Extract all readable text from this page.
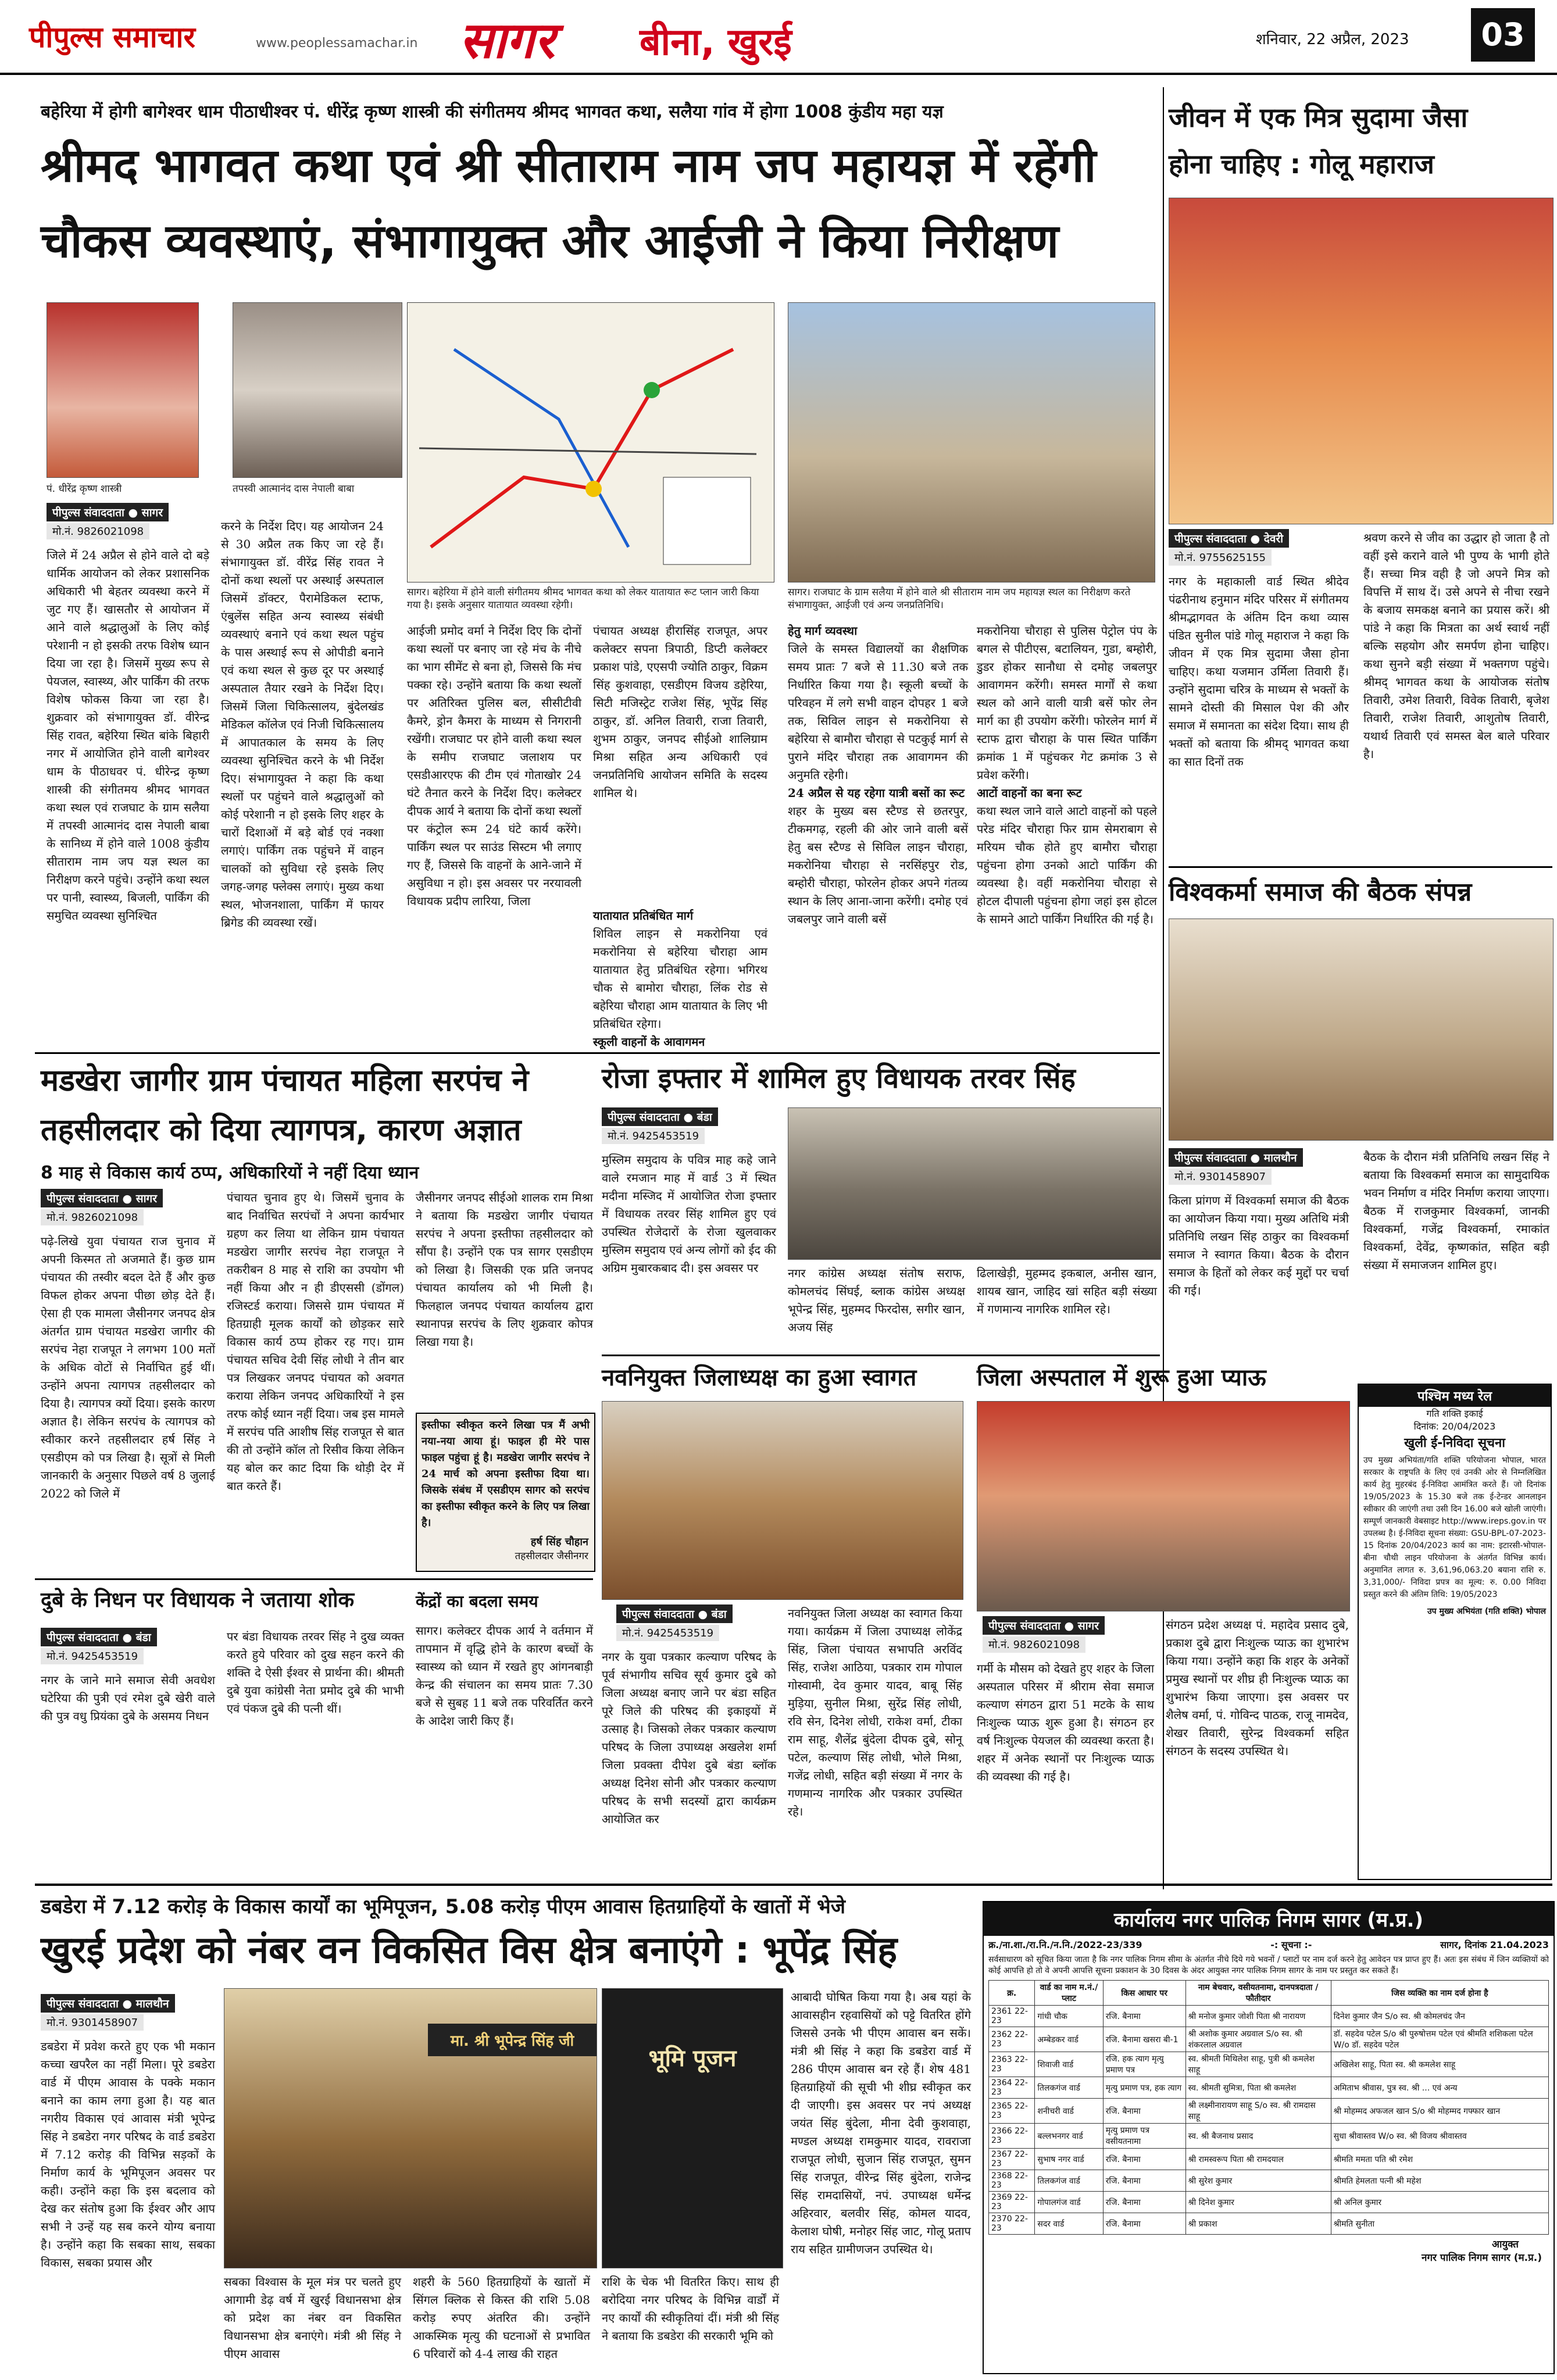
पीपुल्स समाचार	www.peoplessamachar.in सागर बीना, खुरई	शनिवार, 22 अप्रैल, 2023	03
बहेरिया में होगी बागेश्वर धाम पीठाधीश्वर पं. धीरेंद्र कृष्ण शास्त्री की संगीतमय श्रीमद भागवत कथा, सलैया गांव में होगा 1008 कुंडीय महा यज्ञ
श्रीमद भागवत कथा एवं श्री सीताराम नाम जप महायज्ञ में रहेंगी
चौकस व्यवस्थाएं, संभागायुक्त और आईजी ने किया निरीक्षण
पं. धीरेंद्र कृष्ण शास्त्री	तपस्वी आत्मानंद दास नेपाली बाबा
पीपुल्स संवाददाता ● सागर
मो.नं. 9826021098
जिले में 24 अप्रैल से होने वाले दो बड़े धार्मिक आयोजन को लेकर प्रशासनिक अधिकारी भी बेहतर व्यवस्था करने में जुट गए हैं। खासतौर से आयोजन में आने वाले श्रद्धालुओं के लिए कोई परेशानी न हो इसकी तरफ विशेष ध्यान दिया जा रहा है। जिसमें मुख्य रूप से पेयजल, स्वास्थ्य, और पार्किंग की तरफ विशेष फोकस किया जा रहा है। शुक्रवार को संभागायुक्त डॉ. वीरेन्द्र सिंह रावत, बहेरिया स्थित बांके बिहारी नगर में आयोजित होने वाली बागेश्वर धाम के पीठाधवर पं. धीरेन्द्र कृष्ण शास्त्री की संगीतमय श्रीमद भागवत कथा स्थल एवं राजघाट के ग्राम सलैया में तपस्वी आत्मानंद दास नेपाली बाबा के सानिध्य में होने वाले 1008 कुंडीय सीताराम नाम जप यज्ञ स्थल का निरीक्षण करने पहुंचे। उन्होंने कथा स्थल पर पानी, स्वास्थ्य, बिजली, पार्किंग की समुचित व्यवस्था सुनिश्चित
करने के निर्देश दिए। यह आयोजन 24 से 30 अप्रैल तक किए जा रहे हैं। संभागायुक्त डॉ. वीरेंद्र सिंह रावत ने दोनों कथा स्थलों पर अस्थाई अस्पताल जिसमें डॉक्टर, पैरामेडिकल स्टाफ, एंबुलेंस सहित अन्य स्वास्थ्य संबंधी व्यवस्थाएं बनाने एवं कथा स्थल पहुंच के पास अस्थाई रूप से ओपीडी बनाने एवं कथा स्थल से कुछ दूर पर अस्थाई अस्पताल तैयार रखने के निर्देश दिए। जिसमें जिला चिकित्सालय, बुंदेलखंड मेडिकल कॉलेज एवं निजी चिकित्सालय में आपातकाल के समय के लिए व्यवस्था सुनिश्चित करने के भी निर्देश दिए। संभागायुक्त ने कहा कि कथा स्थलों पर पहुंचने वाले श्रद्धालुओं को कोई परेशानी न हो इसके लिए शहर के चारों दिशाओं में बड़े बोर्ड एवं नक्शा लगाएं। पार्किंग तक पहुंचने में वाहन चालकों को सुविधा रहे इसके लिए जगह-जगह फ्लेक्स लगाएं। मुख्य कथा स्थल, भोजनशाला, पार्किंग में फायर ब्रिगेड की व्यवस्था रखें।
सागर। बहेरिया में होने वाली संगीतमय श्रीमद भागवत कथा को लेकर यातायात रूट प्लान जारी किया गया है। इसके अनुसार यातायात व्यवस्था रहेगी।
आईजी प्रमोद वर्मा ने निर्देश दिए कि दोनों कथा स्थलों पर बनाए जा रहे मंच के नीचे का भाग सीमेंट से बना हो, जिससे कि मंच पक्का रहे। उन्होंने बताया कि कथा स्थलों पर अतिरिक्त पुलिस बल, सीसीटीवी कैमरे, ड्रोन कैमरा के माध्यम से निगरानी रखेंगी। राजघाट पर होने वाली कथा स्थल के समीप राजघाट जलाशय पर एसडीआरएफ की टीम एवं गोताखोर 24 घंटे तैनात करने के निर्देश दिए। कलेक्टर दीपक आर्य ने बताया कि दोनों कथा स्थलों पर कंट्रोल रूम 24 घंटे कार्य करेंगे। पार्किंग स्थल पर साउंड सिस्टम भी लगाए गए हैं, जिससे कि वाहनों के आने-जाने में असुविधा न हो। इस अवसर पर नरयावली विधायक प्रदीप लारिया, जिला
पंचायत अध्यक्ष हीरासिंह राजपूत, अपर कलेक्टर सपना त्रिपाठी, डिप्टी कलेक्टर प्रकाश पांडे, एएसपी ज्योति ठाकुर, विक्रम सिंह कुशवाहा, एसडीएम विजय डहेरिया, सिटी मजिस्ट्रेट राजेश सिंह, भूपेंद्र सिंह ठाकुर, डॉ. अनिल तिवारी, राजा तिवारी, शुभम ठाकुर, जनपद सीईओ शालिग्राम मिश्रा सहित अन्य अधिकारी एवं जनप्रतिनिधि आयोजन समिति के सदस्य शामिल थे।
सागर। राजघाट के ग्राम सलैया में होने वाले श्री सीताराम नाम जप महायज्ञ स्थल का निरीक्षण करते संभागायुक्त, आईजी एवं अन्य जनप्रतिनिधि।
हेतु मार्ग व्यवस्था
जिले के समस्त विद्यालयों का शैक्षणिक समय प्रातः 7 बजे से 11.30 बजे तक निर्धारित किया गया है। स्कूली बच्चों के परिवहन में लगे सभी वाहन दोपहर 1 बजे तक, सिविल लाइन से मकरोनिया से बहेरिया से बामौरा चौराहा से पटकुई मार्ग से पुराने मंदिर चौराहा तक आवागमन की अनुमति रहेगी।
24 अप्रैल से यह रहेगा यात्री बसों का रूट
शहर के मुख्य बस स्टैण्ड से छतरपुर, टीकमगढ़, रहली की ओर जाने वाली बसें हेतु बस स्टैण्ड से सिविल लाइन चौराहा, मकरोनिया चौराहा से नरसिंहपुर रोड, बम्होरी चौराहा, फोरलेन होकर अपने गंतव्य स्थान के लिए आना-जाना करेंगी। दमोह एवं जबलपुर जाने वाली बसें
मकरोनिया चौराहा से पुलिस पेट्रोल पंप के बगल से पीटीएस, बटालियन, गुडा, बम्होरी, डुडर होकर सानौधा से दमोह जबलपुर आवागमन करेंगी। समस्त मार्गों से कथा स्थल को आने वाली यात्री बसें फोर लेन मार्ग का ही उपयोग करेंगी। फोरलेन मार्ग में स्टाफ द्वारा चौराहा के पास स्थित पार्किंग क्रमांक 1 में पहुंचकर गेट क्रमांक 3 से प्रवेश करेंगी।
आटों वाहनों का बना रूट
कथा स्थल जाने वाले आटो वाहनों को पहले परेड मंदिर चौराहा फिर ग्राम सेमराबाग से मरियम चौक होते हुए बामौरा चौराहा पहुंचना होगा उनको आटो पार्किंग की व्यवस्था है। वहीं मकरोनिया चौराहा से होटल दीपाली पहुंचना होगा जहां इस होटल के सामने आटो पार्किंग निर्धारित की गई है।
यातायात प्रतिबंधित मार्ग
शिविल लाइन से मकरोनिया एवं मकरोनिया से बहेरिया चौराहा आम यातायात हेतु प्रतिबंधित रहेगा। भगिरथ चौक से बामोरा चौराहा, लिंक रोड से बहेरिया चौराहा आम यातायात के लिए भी प्रतिबंधित रहेगा।
स्कूली वाहनों के आवागमन
जीवन में एक मित्र सुदामा जैसा
होना चाहिए : गोलू महाराज
पीपुल्स संवाददाता ● देवरी
मो.नं. 9755625155
नगर के महाकाली वार्ड स्थित श्रीदेव पंढरीनाथ हनुमान मंदिर परिसर में संगीतमय श्रीमद्भागवत के अंतिम दिन कथा व्यास पंडित सुनील पांडे गोलू महाराज ने कहा कि जीवन में एक मित्र सुदामा जैसा होना चाहिए। कथा यजमान उर्मिला तिवारी हैं। उन्होंने सुदामा चरित्र के माध्यम से भक्तों के सामने दोस्ती की मिसाल पेश की और समाज में समानता का संदेश दिया। साथ ही भक्तों को बताया कि श्रीमद् भागवत कथा का सात दिनों तक
श्रवण करने से जीव का उद्धार हो जाता है तो वहीं इसे कराने वाले भी पुण्य के भागी होते हैं। सच्चा मित्र वही है जो अपने मित्र को विपत्ति में साथ दें। उसे अपने से नीचा रखने के बजाय समकक्ष बनाने का प्रयास करें। श्री पांडे ने कहा कि मित्रता का अर्थ स्वार्थ नहीं बल्कि सहयोग और समर्पण होना चाहिए। कथा सुनने बड़ी संख्या में भक्तगण पहुंचे। श्रीमद् भागवत कथा के आयोजक संतोष तिवारी, उमेश तिवारी, विवेक तिवारी, बृजेश तिवारी, राजेश तिवारी, आशुतोष तिवारी, यथार्थ तिवारी एवं समस्त बेल बाले परिवार है।
विश्वकर्मा समाज की बैठक संपन्न
पीपुल्स संवाददाता ● मालथौन
मो.नं. 9301458907
किला प्रांगण में विश्वकर्मा समाज की बैठक का आयोजन किया गया। मुख्य अतिथि मंत्री प्रतिनिधि लखन सिंह ठाकुर का विश्वकर्मा समाज ने स्वागत किया। बैठक के दौरान समाज के हितों को लेकर कई मुद्दों पर चर्चा की गई।
बैठक के दौरान मंत्री प्रतिनिधि लखन सिंह ने बताया कि विश्वकर्मा समाज का सामुदायिक भवन निर्माण व मंदिर निर्माण कराया जाएगा। बैठक में राजकुमार विश्वकर्मा, जानकी विश्वकर्मा, गजेंद्र विश्वकर्मा, रमाकांत विश्वकर्मा, देवेंद्र, कृष्णकांत, सहित बड़ी संख्या में समाजजन शामिल हुए।
मडखेरा जागीर ग्राम पंचायत महिला सरपंच ने
तहसीलदार को दिया त्यागपत्र, कारण अज्ञात
8 माह से विकास कार्य ठप्प, अधिकारियों ने नहीं दिया ध्यान
पीपुल्स संवाददाता ● सागर
मो.नं. 9826021098
पढ़े-लिखे युवा पंचायत राज चुनाव में अपनी किस्मत तो अजमाते हैं। कुछ ग्राम पंचायत की तस्वीर बदल देते हैं और कुछ विफल होकर अपना पीछा छोड़ देते हैं। ऐसा ही एक मामला जैसीनगर जनपद क्षेत्र अंतर्गत ग्राम पंचायत मडखेरा जागीर की सरपंच नेहा राजपूत ने लगभग 100 मतों के अधिक वोटों से निर्वाचित हुई थीं। उन्होंने अपना त्यागपत्र तहसीलदार को दिया है। त्यागपत्र क्यों दिया। इसके कारण अज्ञात है। लेकिन सरपंच के त्यागपत्र को स्वीकार करने तहसीलदार हर्ष सिंह ने एसडीएम को पत्र लिखा है। सूत्रों से मिली जानकारी के अनुसार पिछले वर्ष 8 जुलाई 2022 को जिले में
पंचायत चुनाव हुए थे। जिसमें चुनाव के बाद निर्वाचित सरपंचों ने अपना कार्यभार ग्रहण कर लिया था लेकिन ग्राम पंचायत मडखेरा जागीर सरपंच नेहा राजपूत ने तकरीबन 8 माह से राशि का उपयोग भी नहीं किया और न ही डीएससी (डोंगल) रजिस्टर्ड कराया। जिससे ग्राम पंचायत में हितग्राही मूलक कार्यों को छोड़कर सारे विकास कार्य ठप्प होकर रह गए। ग्राम पंचायत सचिव देवी सिंह लोधी ने तीन बार पत्र लिखकर जनपद पंचायत को अवगत कराया लेकिन जनपद अधिकारियों ने इस तरफ कोई ध्यान नहीं दिया। जब इस मामले में सरपंच पति आशीष सिंह राजपूत से बात की तो उन्होंने कॉल तो रिसीव किया लेकिन यह बोल कर काट दिया कि थोड़ी देर में बात करते हैं।
जैसीनगर जनपद सीईओ शालक राम मिश्रा ने बताया कि मडखेरा जागीर पंचायत सरपंच ने अपना इस्तीफा तहसीलदार को सौंपा है। उन्होंने एक पत्र सागर एसडीएम को लिखा है। जिसकी एक प्रति जनपद पंचायत कार्यालय को भी मिली है। फिलहाल जनपद पंचायत कार्यालय द्वारा स्थानापन्न सरपंच के लिए शुक्रवार कोपत्र लिखा गया है।
इस्तीफा स्वीकृत करने लिखा पत्र मैं अभी नया-नया आया हूं। फाइल ही मेरे पास फाइल पहुंचा हूं है। मडखेरा जागीर सरपंच ने 24 मार्च को अपना इस्तीफा दिया था। जिसके संबंध में एसडीएम सागर को सरपंच का इस्तीफा स्वीकृत करने के लिए पत्र लिखा है।
हर्ष सिंह चौहान
तहसीलदार जैसीनगर
रोजा इफ्तार में शामिल हुए विधायक तरवर सिंह
पीपुल्स संवाददाता ● बंडा
मो.नं. 9425453519
मुस्लिम समुदाय के पवित्र माह कहे जाने वाले रमजान माह में वार्ड 3 में स्थित मदीना मस्जिद में आयोजित रोजा इफ्तार में विधायक तरवर सिंह शामिल हुए एवं उपस्थित रोजेदारों के रोजा खुलवाकर मुस्लिम समुदाय एवं अन्य लोगों को ईद की अग्रिम मुबारकबाद दी। इस अवसर पर	नगर कांग्रेस अध्यक्ष संतोष सराफ, कोमलचंद सिंघई, ब्लाक कांग्रेस अध्यक्ष भूपेन्द्र सिंह, मुहम्मद फिरदोस, सगीर खान, अजय सिंह
ढिलाखेड़ी, मुहम्मद इकबाल, अनीस खान, शायब खान, जाहिद खां सहित बड़ी संख्या में गणमान्य नागरिक शामिल रहे।
नवनियुक्त जिलाध्यक्ष का हुआ स्वागत
पीपुल्स संवाददाता ● बंडा
मो.नं. 9425453519
नगर के युवा पत्रकार कल्याण परिषद के पूर्व संभागीय सचिव सूर्य कुमार दुबे को जिला अध्यक्ष बनाए जाने पर बंडा सहित पूरे जिले की परिषद की इकाइयों में उत्साह है। जिसको लेकर पत्रकार कल्याण परिषद के जिला उपाध्यक्ष अखलेश शर्मा जिला प्रवक्ता दीपेश दुबे बंडा ब्लॉक अध्यक्ष दिनेश सोनी और पत्रकार कल्याण परिषद के सभी सदस्यों द्वारा कार्यक्रम आयोजित कर
नवनियुक्त जिला अध्यक्ष का स्वागत किया गया। कार्यक्रम में जिला उपाध्यक्ष लोकेंद्र सिंह, जिला पंचायत सभापति अरविंद सिंह, राजेश आठिया, पत्रकार राम गोपाल गोस्वामी, देव कुमार यादव, बाबू सिंह मुड़िया, सुनील मिश्रा, सुरेंद्र सिंह लोधी, रवि सेन, दिनेश लोधी, राकेश वर्मा, टीका राम साहू, शैलेंद्र बुंदेला दीपक दुबे, सोनू पटेल, कल्याण सिंह लोधी, भोले मिश्रा, गजेंद्र लोधी, सहित बड़ी संख्या में नगर के गणमान्य नागरिक और पत्रकार उपस्थित रहे।
जिला अस्पताल में शुरू हुआ प्याऊ
पीपुल्स संवाददाता ● सागर
मो.नं. 9826021098
गर्मी के मौसम को देखते हुए शहर के जिला अस्पताल परिसर में श्रीराम सेवा समाज कल्याण संगठन द्वारा 51 मटके के साथ निःशुल्क प्याऊ शुरू हुआ है। संगठन हर वर्ष निःशुल्क पेयजल की व्यवस्था करता है। शहर में अनेक स्थानों पर निःशुल्क प्याऊ की व्यवस्था की गई है।
संगठन प्रदेश अध्यक्ष पं. महादेव प्रसाद दुबे, प्रकाश दुबे द्वारा निःशुल्क प्याऊ का शुभारंभ किया गया। उन्होंने कहा कि शहर के अनेकों प्रमुख स्थानों पर शीघ्र ही निःशुल्क प्याऊ का शुभारंभ किया जाएगा। इस अवसर पर शैलेष वर्मा, पं. गोविन्द पाठक, राजू नामदेव, शेखर तिवारी, सुरेन्द्र विश्वकर्मा सहित संगठन के सदस्य उपस्थित थे।
पश्चिम मध्य रेल
गति शक्ति इकाई
दिनांक: 20/04/2023
खुली ई-निविदा सूचना
उप मुख्य अभियंता/गति शक्ति परियोजना भोपाल, भारत सरकार के राष्ट्रपति के लिए एवं उनकी ओर से निम्नलिखित कार्य हेतु मुहरबंद ई-निविदा आमंत्रित करते हैं। जो दिनांक 19/05/2023 के 15.30 बजे तक ई-टेन्डर आनलाइन स्वीकार की जाएंगी तथा उसी दिन 16.00 बजे खोली जाएंगी। सम्पूर्ण जानकारी वेबसाइट http://www.ireps.gov.in पर उपलब्ध है। ई-निविदा सूचना संख्या: GSU-BPL-07-2023-15 दिनांक 20/04/2023 कार्य का नाम: इटारसी-भोपाल-बीना चौथी लाइन परियोजना के अंतर्गत विभिन्न कार्य। अनुमानित लागत रु. 3,61,96,063.20 बयाना राशि रु. 3,31,000/- निविदा प्रपत्र का मूल्य: रु. 0.00 निविदा प्रस्तुत करने की अंतिम तिथि: 19/05/2023
उप मुख्य अभियंता (गति शक्ति) भोपाल
दुबे के निधन पर विधायक ने जताया शोक
पीपुल्स संवाददाता ● बंडा
मो.नं. 9425453519
नगर के जाने माने समाज सेवी अवधेश घटेरिया की पुत्री एवं रमेश दुबे खेरी वाले की पुत्र वधु प्रियंका दुबे के असमय निधन
पर बंडा विधायक तरवर सिंह ने दुख व्यक्त करते हुये परिवार को दुख सहन करने की शक्ति दे ऐसी ईश्वर से प्रार्थना की। श्रीमती दुबे युवा कांग्रेसी नेता प्रमोद दुबे की भाभी एवं पंकज दुबे की पत्नी थीं।
केंद्रों का बदला समय
सागर। कलेक्टर दीपक आर्य ने वर्तमान में तापमान में वृद्धि होने के कारण बच्चों के स्वास्थ्य को ध्यान में रखते हुए आंगनबाड़ी केन्द्र की संचालन का समय प्रातः 7.30 बजे से सुबह 11 बजे तक परिवर्तित करने के आदेश जारी किए हैं।
डबडेरा में 7.12 करोड़ के विकास कार्यों का भूमिपूजन, 5.08 करोड़ पीएम आवास हितग्राहियों के खातों में भेजे
खुरई प्रदेश को नंबर वन विकसित विस क्षेत्र बनाएंगे : भूपेंद्र सिंह
पीपुल्स संवाददाता ● मालथौन
मो.नं. 9301458907
डबडेरा में प्रवेश करते हुए एक भी मकान कच्चा खपरैल का नहीं मिला। पूरे डबडेरा वार्ड में पीएम आवास के पक्के मकान बनाने का काम लगा हुआ है। यह बात नगरीय विकास एवं आवास मंत्री भूपेन्द्र सिंह ने डबडेरा नगर परिषद के वार्ड डबडेरा में 7.12 करोड़ की विभिन्न सड़कों के निर्माण कार्य के भूमिपूजन अवसर पर कही। उन्होंने कहा कि इस बदलाव को देख कर संतोष हुआ कि ईश्वर और आप सभी ने उन्हें यह सब करने योग्य बनाया है। उन्होंने कहा कि सबका साथ, सबका विकास, सबका प्रयास और
मा. श्री भूपेन्द्र सिंह जी
भूमि पूजन
सबका विश्वास के मूल मंत्र पर चलते हुए आगामी डेढ़ वर्ष में खुरई विधानसभा क्षेत्र को प्रदेश का नंबर वन विकसित विधानसभा क्षेत्र बनाएंगे। मंत्री श्री सिंह ने पीएम आवास
शहरी के 560 हितग्राहियों के खातों में सिंगल क्लिक से किस्त की राशि 5.08 करोड़ रुपए अंतरित की। उन्होंने आकस्मिक मृत्यु की घटनाओं से प्रभावित 6 परिवारों को 4-4 लाख की राहत
राशि के चेक भी वितरित किए। साथ ही बरोदिया नगर परिषद के विभिन्न वार्डों में नए कार्यों की स्वीकृतियां दीं। मंत्री श्री सिंह ने बताया कि डबडेरा की सरकारी भूमि को
आबादी घोषित किया गया है। अब यहां के आवासहीन रहवासियों को पट्टे वितरित होंगे जिससे उनके भी पीएम आवास बन सकें। मंत्री श्री सिंह ने कहा कि डबडेरा वार्ड में 286 पीएम आवास बन रहे हैं। शेष 481 हितग्राहियों की सूची भी शीघ्र स्वीकृत कर दी जाएगी। इस अवसर पर नपं अध्यक्ष जयंत सिंह बुंदेला, मीना देवी कुशवाहा, मण्डल अध्यक्ष रामकुमार यादव, रावराजा राजपूत लोधी, सुजान सिंह राजपूत, सुमन सिंह राजपूत, वीरेन्द्र सिंह बुंदेला, राजेन्द्र सिंह रामदासियों, नपं. उपाध्यक्ष धर्मेन्द्र अहिरवार, बलवीर सिंह, कोमल यादव, केलाश घोषी, मनोहर सिंह जाट, गोलू प्रताप राय सहित ग्रामीणजन उपस्थित थे।
कार्यालय नगर पालिक निगम सागर (म.प्र.)
क्र./ना.शा./रा.नि./न.नि./2022-23/339	-: सूचना :-	सागर, दिनांक 21.04.2023
सर्वसाधारण को सूचित किया जाता है कि नगर पालिक निगम सीमा के अंतर्गत नीचे दिये गये भवनों / प्लाटों पर नाम दर्ज करने हेतु आवेदन पत्र प्राप्त हुए हैं। अतः इस संबंध में जिन व्यक्तियों को कोई आपत्ति हो तो वे अपनी आपत्ति सूचना प्रकाशन के 30 दिवस के अंदर आयुक्त नगर पालिक निगम सागर के नाम पर प्रस्तुत कर सकते हैं।
क्र.	वार्ड का नाम म.नं./प्लाट	किस आधार पर	नाम बेचवार, वसीयतनामा, दानपत्रदाता / फौतीदार	जिस व्यक्ति का नाम दर्ज होना है
2361 22-23	गांधी चौक	रजि. बैनामा	श्री मनोज कुमार जोशी पिता श्री नारायण	दिनेश कुमार जैन S/o स्व. श्री कोमलचंद जैन
2362 22-23	अम्बेडकर वार्ड	रजि. बैनामा खसरा बी-1	श्री अशोक कुमार अग्रवाल S/o स्व. श्री शंकरलाल अग्रवाल	डॉ. सहदेव पटेल S/o श्री पुरुषोत्तम पटेल एवं श्रीमति शशिकला पटेल W/o डॉ. सहदेव पटेल
2363 22-23	शिवाजी वार्ड	रजि. हक त्याग मृत्यु प्रमाण पत्र	स्व. श्रीमती मिथिलेश साहू, पुत्री श्री कमलेश साहू	अखिलेश साहू, पिता स्व. श्री कमलेश साहू
2364 22-23	तिलकगंज वार्ड	मृत्यु प्रमाण पत्र, हक त्याग	स्व. श्रीमती सुमित्रा, पिता श्री कमलेश	अमिताभ श्रीवास, पुत्र स्व. श्री ... एवं अन्य
2365 22-23	शनीचरी वार्ड	रजि. बैनामा	श्री लक्ष्मीनारायण साहू S/o स्व. श्री रामदास साहू	श्री मोहम्मद अफजल खान S/o श्री मोहम्मद गफ्फार खान
2366 22-23	बल्लभनगर वार्ड	मृत्यु प्रमाण पत्र वसीयतनामा	स्व. श्री बैजनाथ प्रसाद	सुधा श्रीवास्तव W/o स्व. श्री विजय श्रीवास्तव
2367 22-23	सुभाष नगर वार्ड	रजि. बैनामा	श्री रामस्वरूप पिता श्री रामदयाल	श्रीमति ममता पति श्री रमेश
2368 22-23	तिलकगंज वार्ड	रजि. बैनामा	श्री सुरेश कुमार	श्रीमति हेमलता पत्नी श्री महेश
2369 22-23	गोपालगंज वार्ड	रजि. बैनामा	श्री दिनेश कुमार	श्री अनिल कुमार
2370 22-23	सदर वार्ड	रजि. बैनामा	श्री प्रकाश	श्रीमति सुनीता
आयुक्त
नगर पालिक निगम सागर (म.प्र.)
